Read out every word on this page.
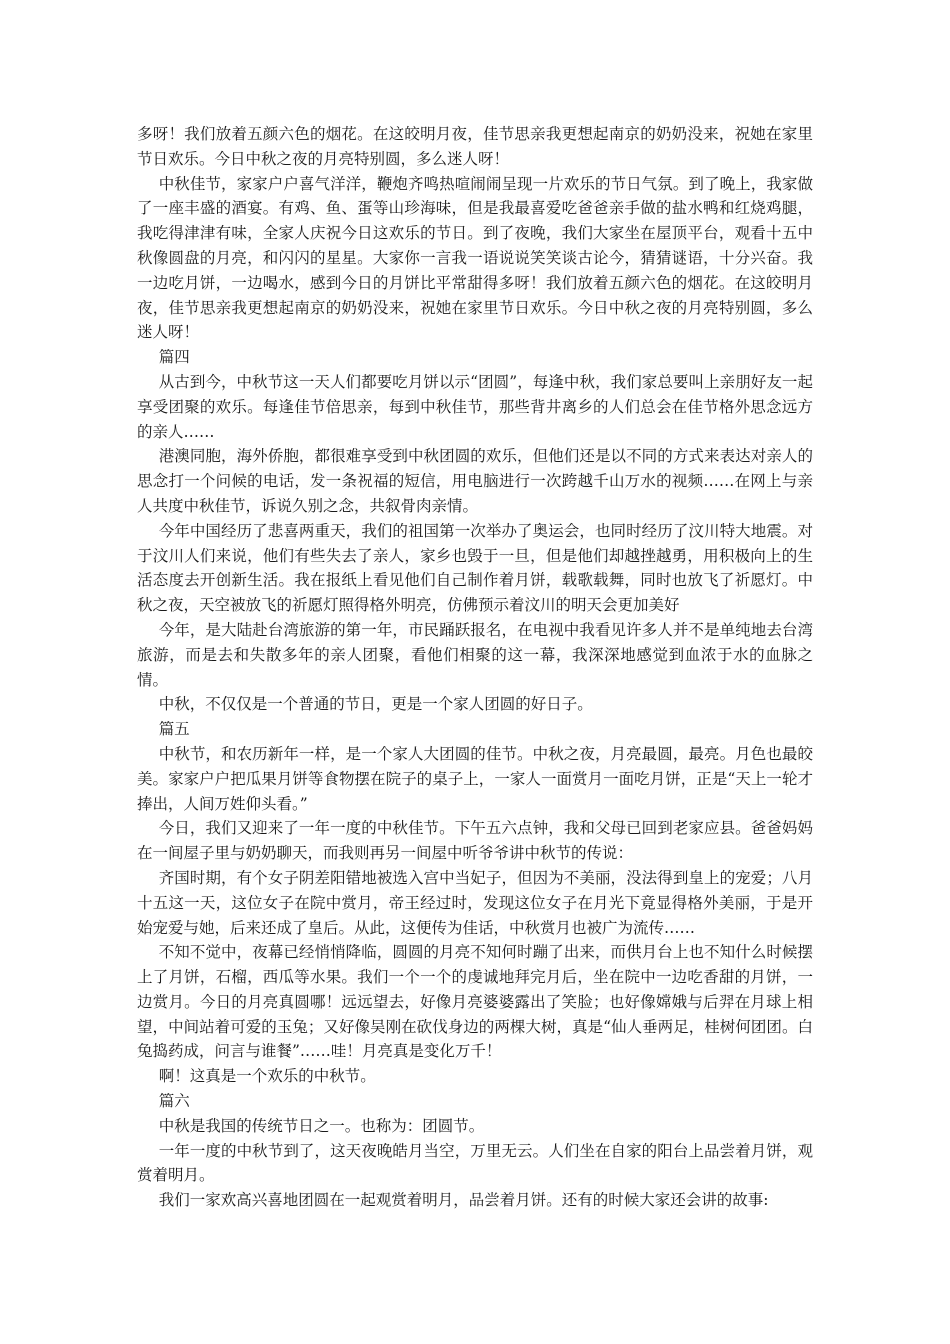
多呀！我们放着五颜六色的烟花。在这皎明月夜，佳节思亲我更想起南京的奶奶没来，祝她在家里节日欢乐。今日中秋之夜的月亮特别圆，多么迷人呀！

中秋佳节，家家户户喜气洋洋，鞭炮齐鸣热喧闹闹呈现一片欢乐的节日气氛。到了晚上，我家做了一座丰盛的酒宴。有鸡、鱼、蛋等山珍海味，但是我最喜爱吃爸爸亲手做的盐水鸭和红烧鸡腿，我吃得津津有味，全家人庆祝今日这欢乐的节日。到了夜晚，我们大家坐在屋顶平台，观看十五中秋像圆盘的月亮，和闪闪的星星。大家你一言我一语说说笑笑谈古论今，猜猜谜语，十分兴奋。我一边吃月饼，一边喝水，感到今日的月饼比平常甜得多呀！我们放着五颜六色的烟花。在这皎明月夜，佳节思亲我更想起南京的奶奶没来，祝她在家里节日欢乐。今日中秋之夜的月亮特别圆，多么迷人呀！

篇四

从古到今，中秋节这一天人们都要吃月饼以示“团圆”，每逢中秋，我们家总要叫上亲朋好友一起享受团聚的欢乐。每逢佳节倍思亲，每到中秋佳节，那些背井离乡的人们总会在佳节格外思念远方的亲人……

港澳同胞，海外侨胞，都很难享受到中秋团圆的欢乐，但他们还是以不同的方式来表达对亲人的思念打一个问候的电话，发一条祝福的短信，用电脑进行一次跨越千山万水的视频……在网上与亲人共度中秋佳节，诉说久别之念，共叙骨肉亲情。

今年中国经历了悲喜两重天，我们的祖国第一次举办了奥运会，也同时经历了汶川特大地震。对于汶川人们来说，他们有些失去了亲人，家乡也毁于一旦，但是他们却越挫越勇，用积极向上的生活态度去开创新生活。我在报纸上看见他们自己制作着月饼，载歌载舞，同时也放飞了祈愿灯。中秋之夜，天空被放飞的祈愿灯照得格外明亮，仿佛预示着汶川的明天会更加美好

今年，是大陆赴台湾旅游的第一年，市民踊跃报名，在电视中我看见许多人并不是单纯地去台湾旅游，而是去和失散多年的亲人团聚，看他们相聚的这一幕，我深深地感觉到血浓于水的血脉之情。

中秋，不仅仅是一个普通的节日，更是一个家人团圆的好日子。

篇五

中秋节，和农历新年一样，是一个家人大团圆的佳节。中秋之夜，月亮最圆，最亮。月色也最皎美。家家户户把瓜果月饼等食物摆在院子的桌子上，一家人一面赏月一面吃月饼，正是“天上一轮才捧出，人间万姓仰头看。”

今日，我们又迎来了一年一度的中秋佳节。下午五六点钟，我和父母已回到老家应县。爸爸妈妈在一间屋子里与奶奶聊天，而我则再另一间屋中听爷爷讲中秋节的传说：

齐国时期，有个女子阴差阳错地被选入宫中当妃子，但因为不美丽，没法得到皇上的宠爱；八月十五这一天，这位女子在院中赏月，帝王经过时，发现这位女子在月光下竟显得格外美丽，于是开始宠爱与她，后来还成了皇后。从此，这便传为佳话，中秋赏月也被广为流传……

不知不觉中，夜幕已经悄悄降临，圆圆的月亮不知何时蹦了出来，而供月台上也不知什么时候摆上了月饼，石榴，西瓜等水果。我们一个一个的虔诚地拜完月后，坐在院中一边吃香甜的月饼，一边赏月。今日的月亮真圆哪！远远望去，好像月亮婆婆露出了笑脸；也好像嫦娥与后羿在月球上相望，中间站着可爱的玉兔；又好像吴刚在砍伐身边的两棵大树，真是“仙人垂两足，桂树何团团。白兔捣药成，问言与谁餐”……哇！月亮真是变化万千！

啊！这真是一个欢乐的中秋节。

篇六

中秋是我国的传统节日之一。也称为：团圆节。

一年一度的中秋节到了，这天夜晚皓月当空，万里无云。人们坐在自家的阳台上品尝着月饼，观赏着明月。

我们一家欢高兴喜地团圆在一起观赏着明月，品尝着月饼。还有的时候大家还会讲的故事:
